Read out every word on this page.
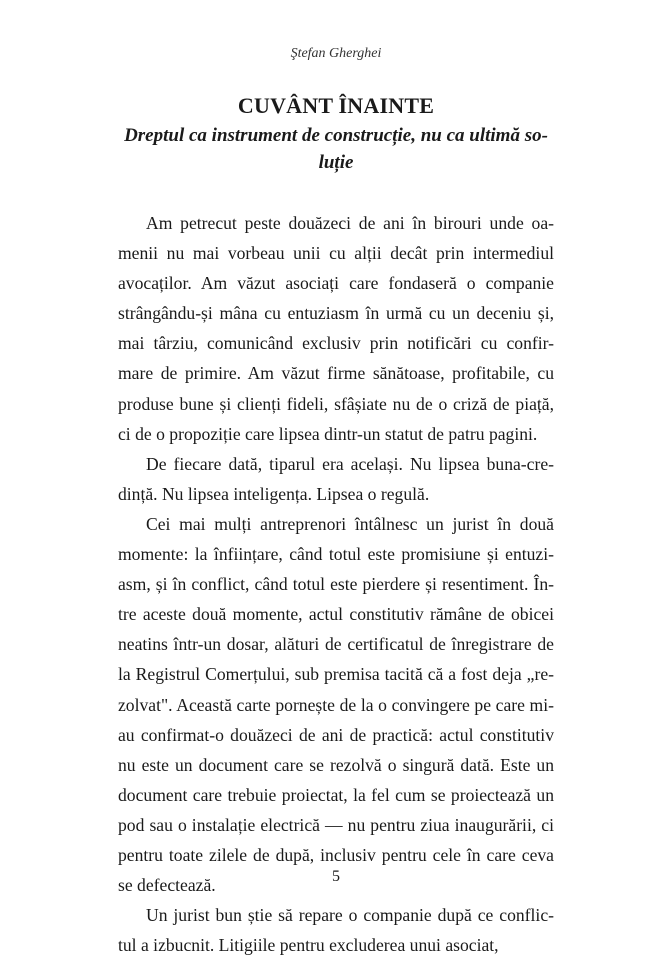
Ştefan Gherghei
CUVÂNT ÎNAINTE
Dreptul ca instrument de construcție, nu ca ultimă so-luție

Am petrecut peste douăzeci de ani în birouri unde oa-menii nu mai vorbeau unii cu alții decât prin intermediul avocaților. Am văzut asociați care fondaseră o companie strângându-și mâna cu entuziasm în urmă cu un deceniu și, mai târziu, comunicând exclusiv prin notificări cu confir-mare de primire. Am văzut firme sănătoase, profitabile, cu produse bune și clienți fideli, sfâșiate nu de o criză de piață, ci de o propoziție care lipsea dintr-un statut de patru pagini.

De fiecare dată, tiparul era același. Nu lipsea buna-cre-dință. Nu lipsea inteligența. Lipsea o regulă.

Cei mai mulți antreprenori întâlnesc un jurist în două momente: la înființare, când totul este promisiune și entuzi-asm, și în conflict, când totul este pierdere și resentiment. În-tre aceste două momente, actul constitutiv rămâne de obicei neatins într-un dosar, alături de certificatul de înregistrare de la Registrul Comerțului, sub premisa tacită că a fost deja „re-zolvat". Această carte pornește de la o convingere pe care mi-au confirmat-o douăzeci de ani de practică: actul constitutiv nu este un document care se rezolvă o singură dată. Este un document care trebuie proiectat, la fel cum se proiectează un pod sau o instalație electrică — nu pentru ziua inaugurării, ci pentru toate zilele de după, inclusiv pentru cele în care ceva se defectează.

Un jurist bun știe să repare o companie după ce conflic-tul a izbucnit. Litigiile pentru excluderea unui asociat,

5
